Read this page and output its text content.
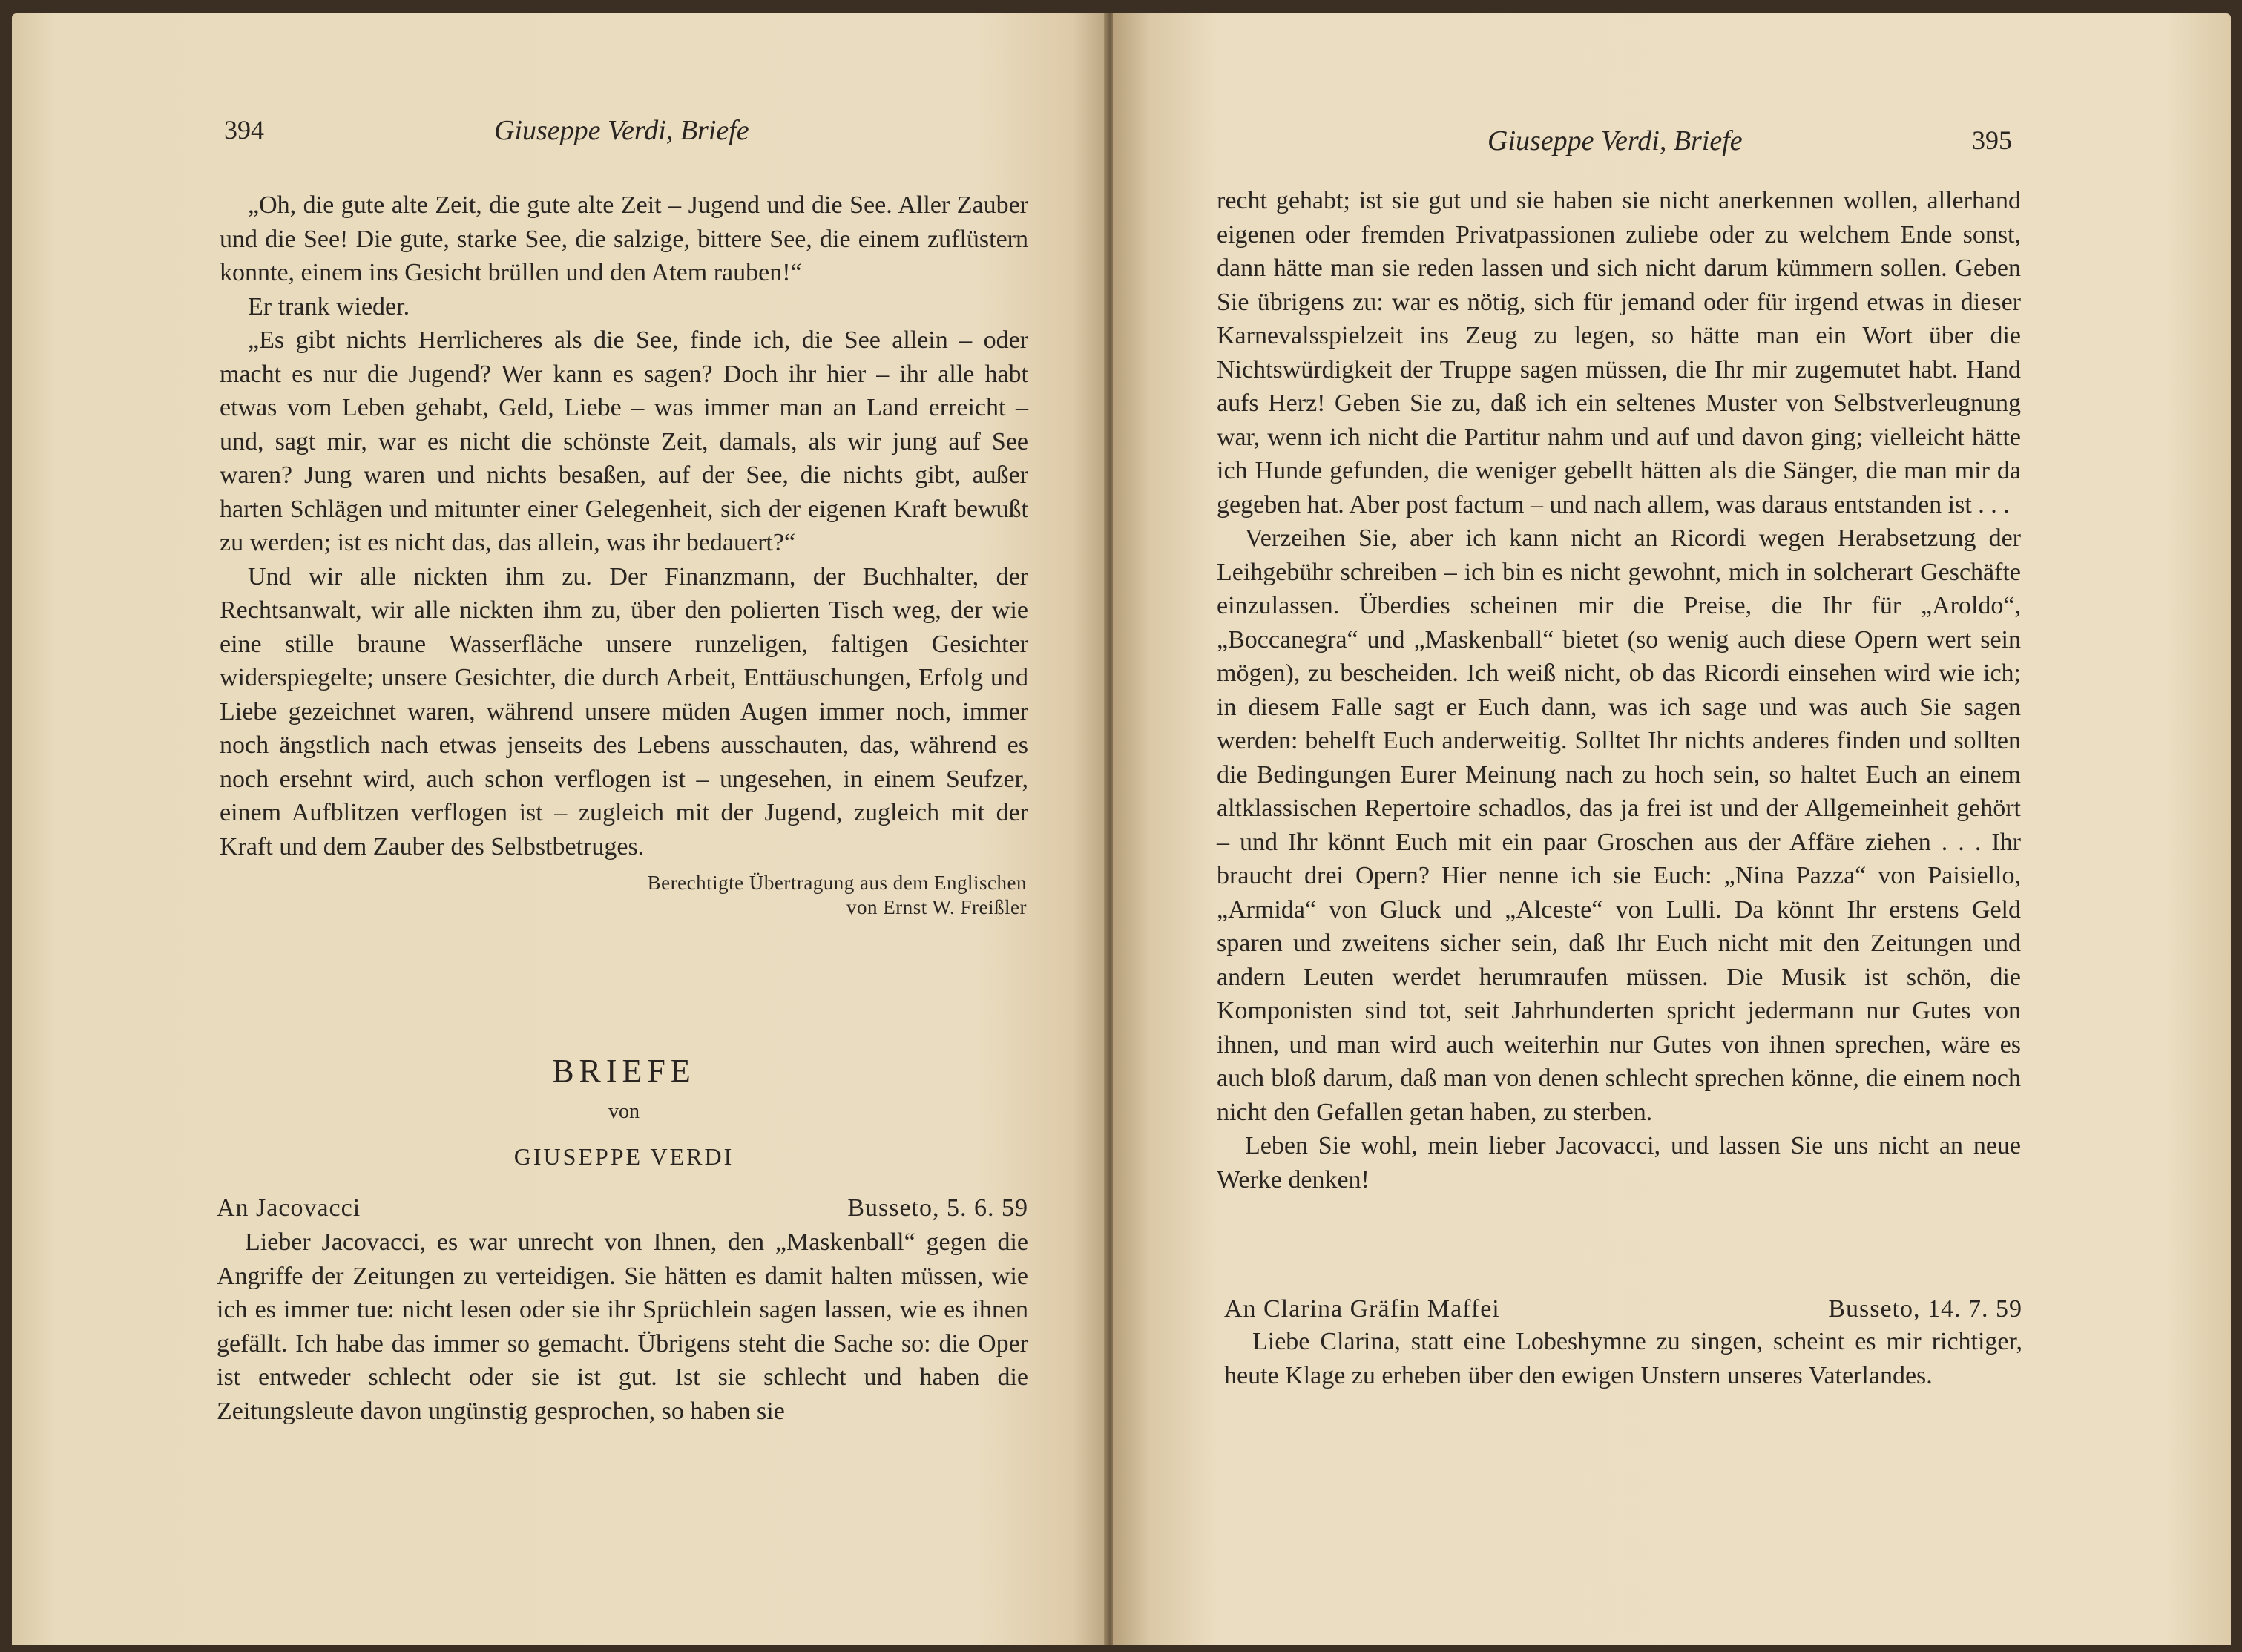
394	Giuseppe Verdi, Briefe

„Oh, die gute alte Zeit, die gute alte Zeit – Jugend und die See. Aller Zauber und die See! Die gute, starke See, die salzige, bittere See, die einem zuflüstern konnte, einem ins Gesicht brüllen und den Atem rauben!“

Er trank wieder.

„Es gibt nichts Herrlicheres als die See, finde ich, die See allein – oder macht es nur die Jugend? Wer kann es sagen? Doch ihr hier – ihr alle habt etwas vom Leben gehabt, Geld, Liebe – was immer man an Land erreicht – und, sagt mir, war es nicht die schönste Zeit, damals, als wir jung auf See waren? Jung waren und nichts besaßen, auf der See, die nichts gibt, außer harten Schlägen und mitunter einer Gelegenheit, sich der eigenen Kraft bewußt zu werden; ist es nicht das, das allein, was ihr bedauert?“

Und wir alle nickten ihm zu. Der Finanzmann, der Buchhalter, der Rechtsanwalt, wir alle nickten ihm zu, über den polierten Tisch weg, der wie eine stille braune Wasserfläche unsere runzeligen, faltigen Gesichter widerspiegelte; unsere Gesichter, die durch Arbeit, Enttäuschungen, Erfolg und Liebe gezeichnet waren, während unsere müden Augen immer noch, immer noch ängstlich nach etwas jenseits des Lebens ausschauten, das, während es noch ersehnt wird, auch schon verflogen ist – ungesehen, in einem Seufzer, einem Aufblitzen verflogen ist – zugleich mit der Jugend, zugleich mit der Kraft und dem Zauber des Selbstbetruges.

Berechtigte Übertragung aus dem Englischen
von Ernst W. Freißler
BRIEFE
von
GIUSEPPE VERDI
An Jacovacci	Busseto, 5. 6. 59

Lieber Jacovacci, es war unrecht von Ihnen, den „Maskenball“ gegen die Angriffe der Zeitungen zu verteidigen. Sie hätten es damit halten müssen, wie ich es immer tue: nicht lesen oder sie ihr Sprüchlein sagen lassen, wie es ihnen gefällt. Ich habe das immer so gemacht. Übrigens steht die Sache so: die Oper ist entweder schlecht oder sie ist gut. Ist sie schlecht und haben die Zeitungsleute davon ungünstig gesprochen, so haben sie

Giuseppe Verdi, Briefe	395

recht gehabt; ist sie gut und sie haben sie nicht anerkennen wollen, allerhand eigenen oder fremden Privatpassionen zuliebe oder zu welchem Ende sonst, dann hätte man sie reden lassen und sich nicht darum kümmern sollen. Geben Sie übrigens zu: war es nötig, sich für jemand oder für irgend etwas in dieser Karnevalsspielzeit ins Zeug zu legen, so hätte man ein Wort über die Nichtswürdigkeit der Truppe sagen müssen, die Ihr mir zugemutet habt. Hand aufs Herz! Geben Sie zu, daß ich ein seltenes Muster von Selbstverleugnung war, wenn ich nicht die Partitur nahm und auf und davon ging; vielleicht hätte ich Hunde gefunden, die weniger gebellt hätten als die Sänger, die man mir da gegeben hat. Aber post factum – und nach allem, was daraus entstanden ist . . .

Verzeihen Sie, aber ich kann nicht an Ricordi wegen Herabsetzung der Leihgebühr schreiben – ich bin es nicht gewohnt, mich in solcherart Geschäfte einzulassen. Überdies scheinen mir die Preise, die Ihr für „Aroldo“, „Boccanegra“ und „Maskenball“ bietet (so wenig auch diese Opern wert sein mögen), zu bescheiden. Ich weiß nicht, ob das Ricordi einsehen wird wie ich; in diesem Falle sagt er Euch dann, was ich sage und was auch Sie sagen werden: behelft Euch anderweitig. Solltet Ihr nichts anderes finden und sollten die Bedingungen Eurer Meinung nach zu hoch sein, so haltet Euch an einem altklassischen Repertoire schadlos, das ja frei ist und der Allgemeinheit gehört – und Ihr könnt Euch mit ein paar Groschen aus der Affäre ziehen . . . Ihr braucht drei Opern? Hier nenne ich sie Euch: „Nina Pazza“ von Paisiello, „Armida“ von Gluck und „Alceste“ von Lulli. Da könnt Ihr erstens Geld sparen und zweitens sicher sein, daß Ihr Euch nicht mit den Zeitungen und andern Leuten werdet herumraufen müssen. Die Musik ist schön, die Komponisten sind tot, seit Jahrhunderten spricht jedermann nur Gutes von ihnen, und man wird auch weiterhin nur Gutes von ihnen sprechen, wäre es auch bloß darum, daß man von denen schlecht sprechen könne, die einem noch nicht den Gefallen getan haben, zu sterben.

Leben Sie wohl, mein lieber Jacovacci, und lassen Sie uns nicht an neue Werke denken!

An Clarina Gräfin Maffei	Busseto, 14. 7. 59

Liebe Clarina, statt eine Lobeshymne zu singen, scheint es mir richtiger, heute Klage zu erheben über den ewigen Unstern unseres Vaterlandes.
